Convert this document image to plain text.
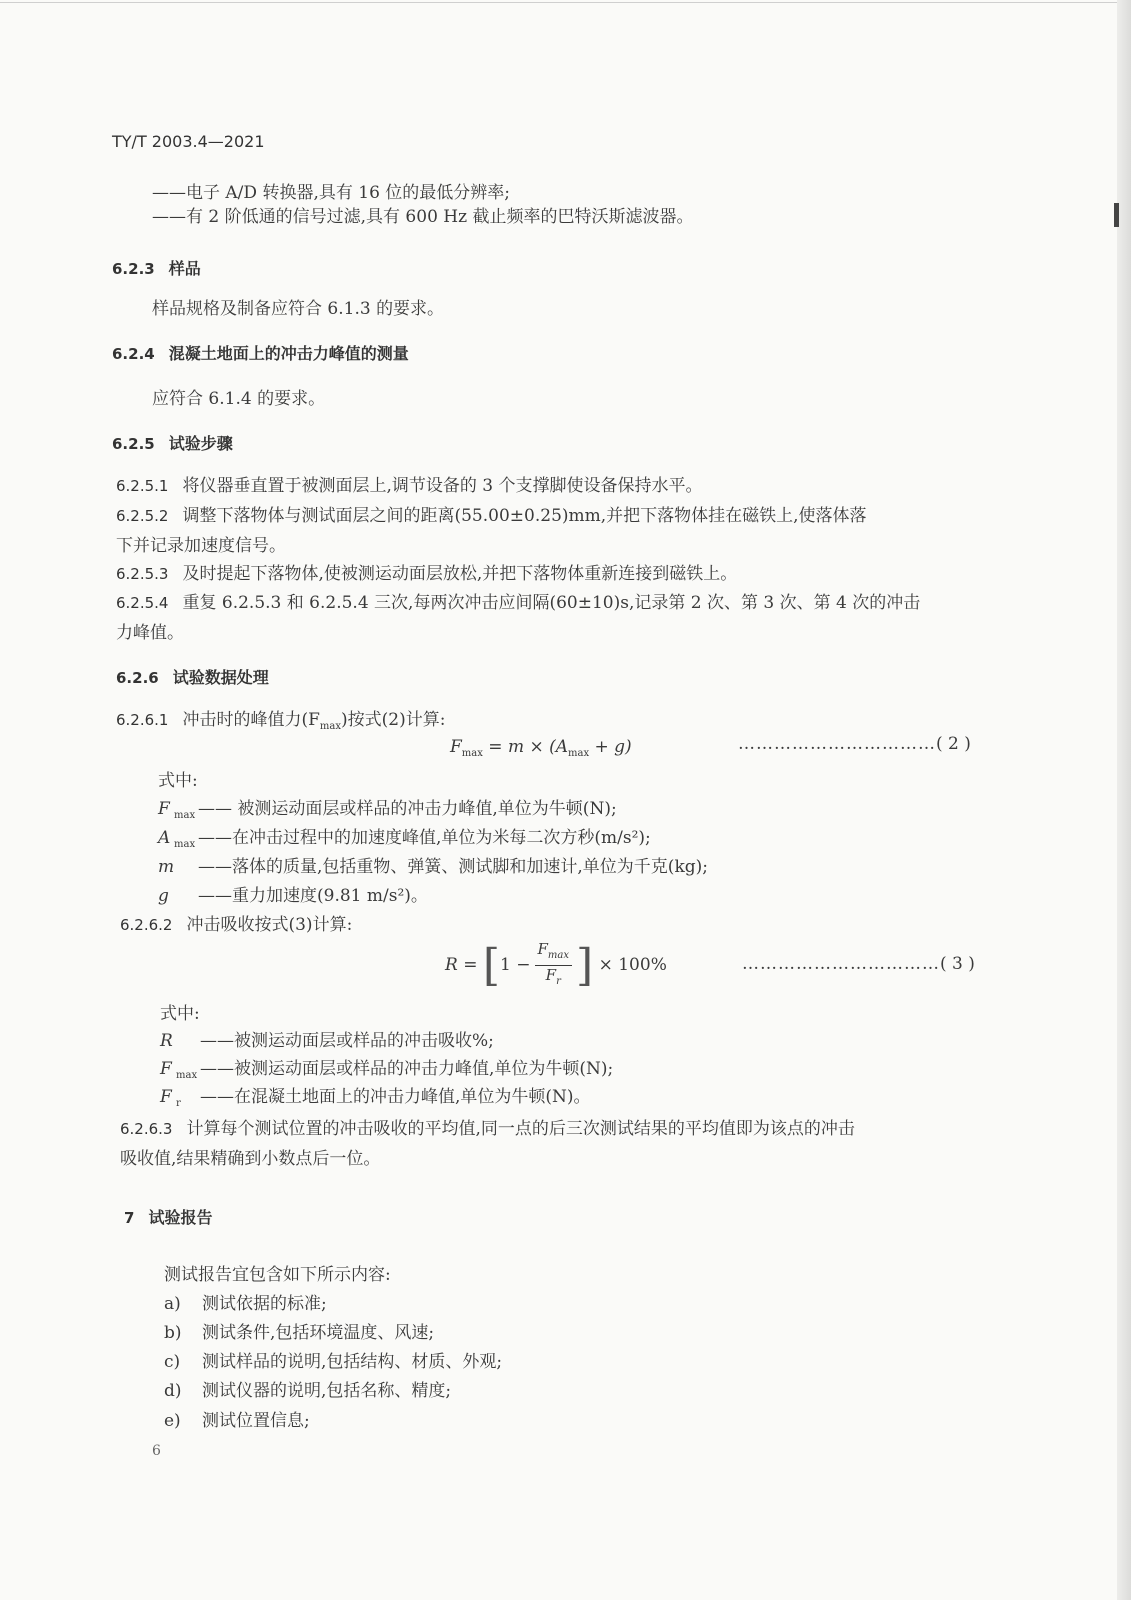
TY/T 2003.4—2021
——电子 A/D 转换器,具有 16 位的最低分辨率;
——有 2 阶低通的信号过滤,具有 600 Hz 截止频率的巴特沃斯滤波器。
6.2.3 样品
样品规格及制备应符合 6.1.3 的要求。
6.2.4 混凝土地面上的冲击力峰值的测量
应符合 6.1.4 的要求。
6.2.5 试验步骤
6.2.5.1 将仪器垂直置于被测面层上,调节设备的 3 个支撑脚使设备保持水平。
6.2.5.2 调整下落物体与测试面层之间的距离(55.00±0.25)mm,并把下落物体挂在磁铁上,使落体落
下并记录加速度信号。
6.2.5.3 及时提起下落物体,使被测运动面层放松,并把下落物体重新连接到磁铁上。
6.2.5.4 重复 6.2.5.3 和 6.2.5.4 三次,每两次冲击应间隔(60±10)s,记录第 2 次、第 3 次、第 4 次的冲击
力峰值。
6.2.6 试验数据处理
6.2.6.1 冲击时的峰值力$(F_{max})$按式(2)计算:
$F_{max} = m \times (A_{max} + g)$	……………………………( 2 )
式中:
F max —— 被测运动面层或样品的冲击力峰值,单位为牛顿(N);
A max ——在冲击过程中的加速度峰值,单位为米每二次方秒(m/s²);
m ——落体的质量,包括重物、弹簧、测试脚和加速计,单位为千克(kg);
g ——重力加速度(9.81 m/s²)。
6.2.6.2 冲击吸收按式(3)计算:
$R = [1 - \frac{F_{max}}{F_r}$ ] × 100%	……………………………( 3 )
式中:
R ——被测运动面层或样品的冲击吸收%;
F max ——被测运动面层或样品的冲击力峰值,单位为牛顿(N);
F r ——在混凝土地面上的冲击力峰值,单位为牛顿(N)。
6.2.6.3 计算每个测试位置的冲击吸收的平均值,同一点的后三次测试结果的平均值即为该点的冲击
吸收值,结果精确到小数点后一位。
7 试验报告
测试报告宜包含如下所示内容:
a) 测试依据的标准;
b) 测试条件,包括环境温度、风速;
c) 测试样品的说明,包括结构、材质、外观;
d) 测试仪器的说明,包括名称、精度;
e) 测试位置信息;
6
